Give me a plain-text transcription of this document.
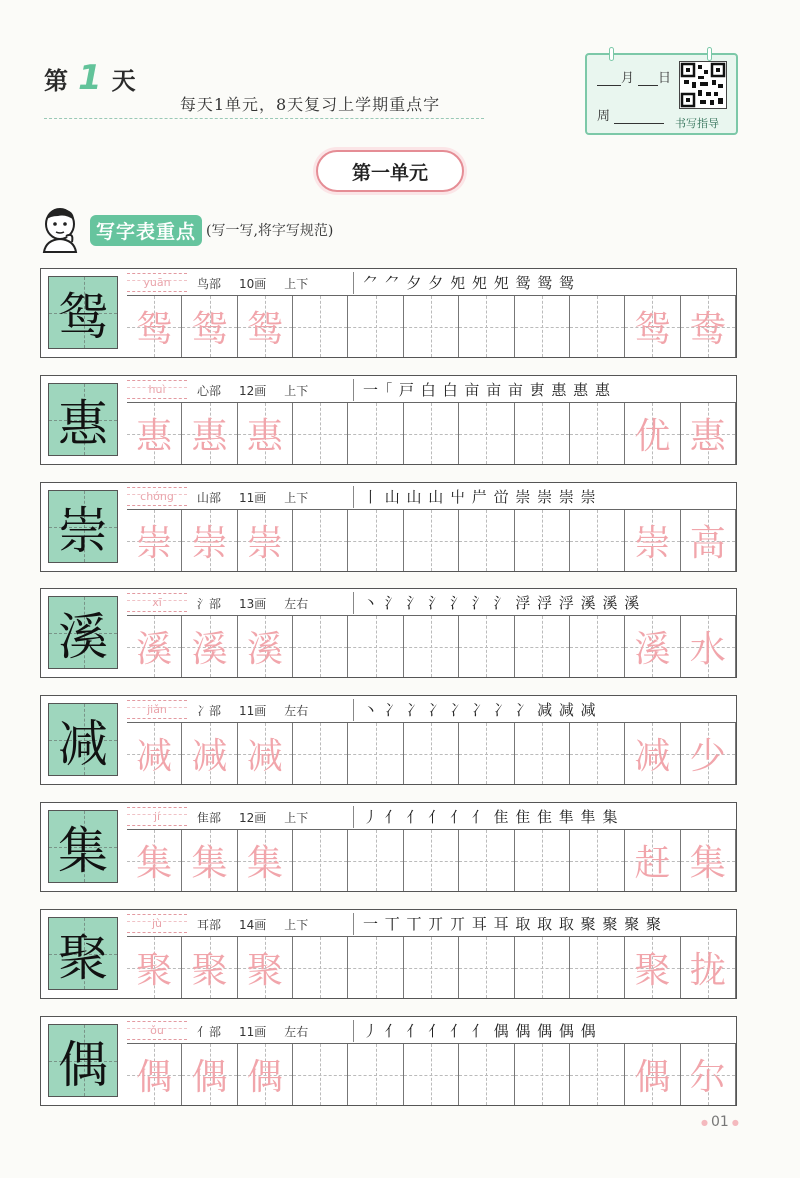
第 1 天
每天1单元，8天复习上学期重点字
月 日
周	书写指导
第一单元
写字表重点 (写一写,将字写规范)
鸳
yuān	鸟部 10画 上下	⺈ ⺈ 夕 夕 夗 夗 夗 鸳 鸳 鸳
鸳 鸳 鸳	鸳 鸯
惠
huì	心部 12画 上下	一 ｢ 戸 白 白 亩 亩 亩 叀 惠 惠 惠
惠 惠 惠	优 惠
崇
chóng	山部 11画 上下	丨 山 山 山 屮 屵 峃 崇 崇 崇 崇
崇 崇 崇	崇 高
溪
xī	氵部 13画 左右	丶 氵 氵 氵 氵 氵 氵 浮 浮 浮 溪 溪 溪
溪 溪 溪	溪 水
减
jiǎn	冫部 11画 左右	丶 冫 冫 冫 冫 冫 冫 冫 减 减 减
减 减 减	减 少
集
jí	隹部 12画 上下	丿 亻 亻 亻 亻 亻 隹 隹 隹 隼 隼 集
集 集 集	赶 集
聚
jù	耳部 14画 上下	一 丅 丅 丌 丌 耳 耳 取 取 取 聚 聚 聚 聚
聚 聚 聚	聚 拢
偶
ǒu	亻部 11画 左右	丿 亻 亻 亻 亻 亻 偶 偶 偶 偶 偶
偶 偶 偶	偶 尔
● 01 ●
